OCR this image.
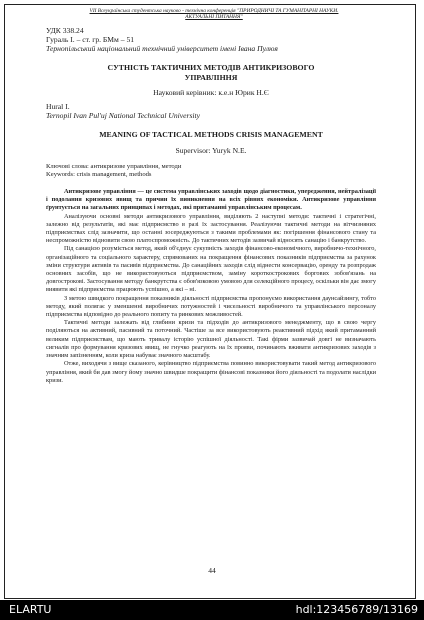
VII Всеукраїнська студентська науково - технічна конференція "ПРИРОДНИЧІ ТА ГУМАНІТАРНІ НАУКИ.
АКТУАЛЬНІ ПИТАННЯ"
УДК 338.24
Гураль І. – ст. гр. БМм – 51
Тернопільський національний технічний університет імені Івана Пулюя
СУТНІСТЬ ТАКТИЧНИХ МЕТОДІВ АНТИКРИЗОВОГО
УПРАВЛІННЯ
Науковий керівник: к.е.н Юрик Н.Є
Hural I.
Ternopil Ivan Pul'uj National Technical University
MEANING OF TACTICAL METHODS CRISIS MANAGEMENT
Supervisor: Yuryk N.E.
Ключові слова: антикризове управління, методи
Keywords: crisis management, methods
Антикризове управління — це система управлінських заходів щодо діагностики, упередження, нейтралізації і подолання кризових явищ та причин їх виникнення на всіх рівнях економіки. Антикризове управління ґрунтується на загальних принципах і методах, які притаманні управлінським процесам.
Аналізуючи основні методи антикризового управління, виділяють 2 наступні методи: тактичні і стратегічні, залежно від результатів, які має підприємство в разі їх застосування. Реалізуючи тактичні методи на вітчизняних підприємствах слід зазначити, що останні зосереджуються з такими проблемами як: погіршення фінансового стану та неспроможністю відновити свою платоспроможність. До тактичних методів зазвичай відносять санацію і банкрутство.
Під санацією розуміється метод, який об'єднує сукупність заходів фінансово-економічного, виробничо-технічного, організаційного та соціального характеру, спрямованих на покращення фінансових показників підприємства за рахунок зміни структури активів та пасивів підприємства. До санаційних заходів слід віднести консервацію, оренду та розпродаж основних засобів, що не використовуються підприємством, заміну короткострокових боргових зобов'язань на довгострокові. Застосування методу банкрутства є обов'язковою умовою для селекційного процесу, оскільки він дає змогу виявити які підприємства працюють успішно, а які – ні.
З метою швидкого покращення показників діяльності підприємства пропонуємо використання даунсайзингу, тобто методу, який полягає у зменшенні виробничих потужностей і чисельності виробничого та управлінського персоналу підприємства відповідно до реального попиту та ринкових можливостей.
Тактичні методи залежать від глибини кризи та підходів до антикризового менеджменту, що в свою чергу поділяються на активний, пасивний та поточний. Частіше за все використовують реактивний підхід який притаманний великим підприємствам, що мають тривалу історію успішної діяльності. Такі фірми зазвичай довгі не визначають сигналів про формування кризових явищ, не гнучко реагують на їх прояви, починають вживати антикризових заходів з значним запізненням, коли криза набуває значного масштабу.
Отже, виходячи з вище сказаного, керівництво підприємства повинно використовувати такий метод антикризового управління, який би дав змогу йому значно швидше покращити фінансові показники його діяльності та подолати наслідки кризи.
44
ELARTU	hdl:123456789/13169
